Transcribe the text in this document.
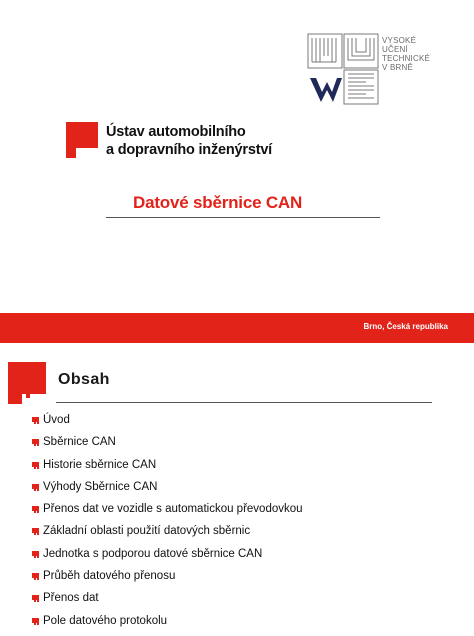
VYSOKÉ
UČENÍ
TECHNICKÉ
V BRNĚ
Ústav automobilního
a dopravního inženýrství
Datové sběrnice CAN
Brno, Česká republika
Obsah
Úvod
Sběrnice CAN
Historie sběrnice CAN
Výhody Sběrnice CAN
Přenos dat ve vozidle s automatickou převodovkou
Základní oblasti použití datových sběrnic
Jednotka s podporou datové sběrnice CAN
Průběh datového přenosu
Přenos dat
Pole datového protokolu
